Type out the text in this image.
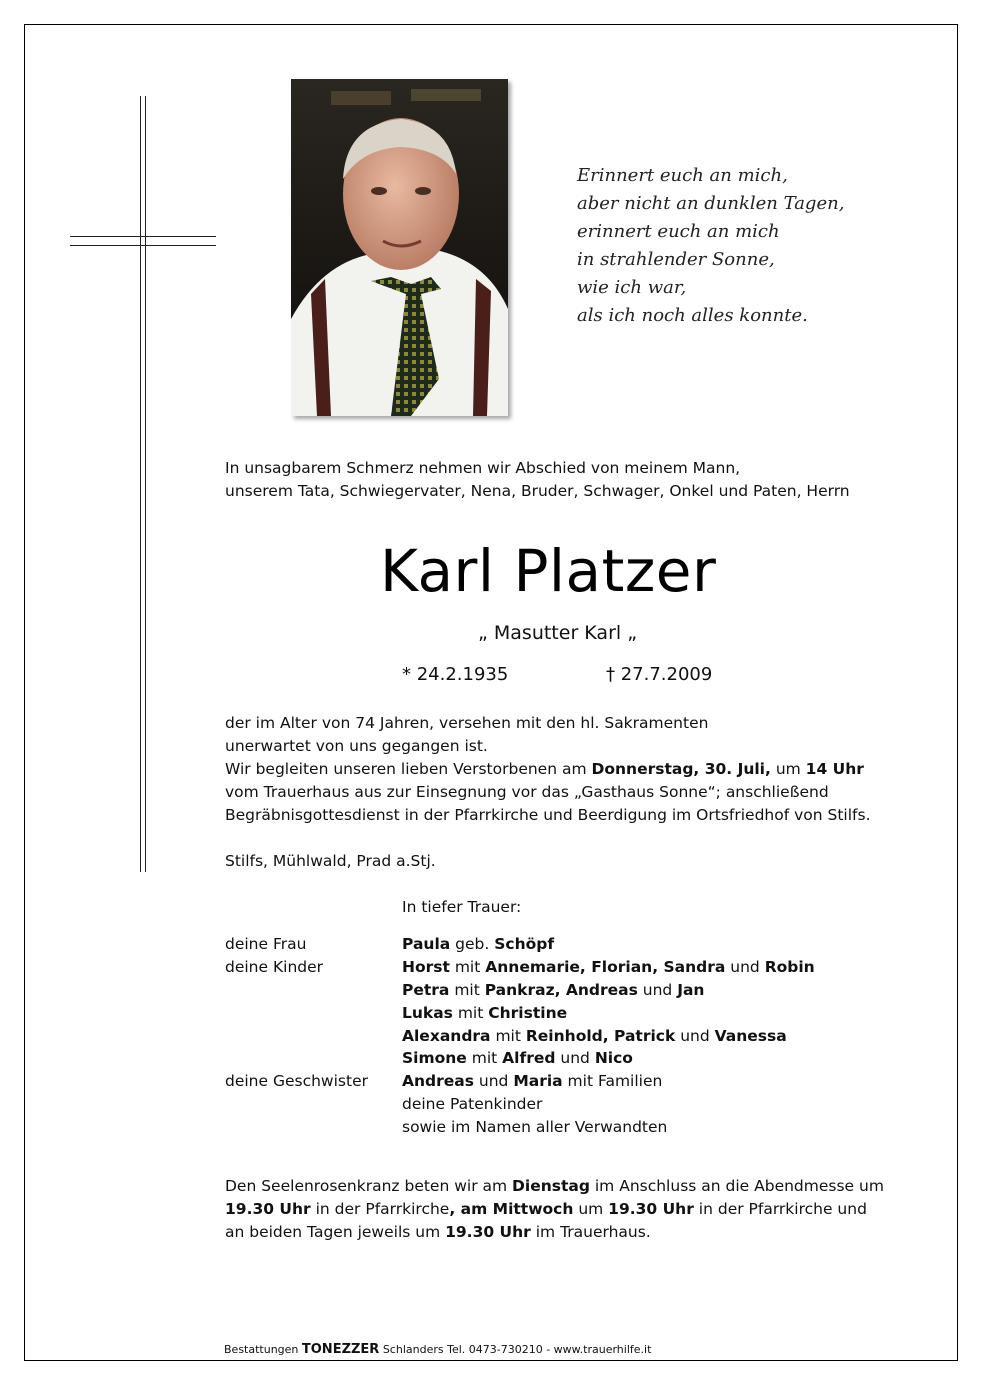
Erinnert euch an mich,
aber nicht an dunklen Tagen,
erinnert euch an mich
in strahlender Sonne,
wie ich war,
als ich noch alles konnte.
In unsagbarem Schmerz nehmen wir Abschied von meinem Mann,
unserem Tata, Schwiegervater, Nena, Bruder, Schwager, Onkel und Paten, Herrn
Karl Platzer
„ Masutter Karl „
* 24.2.1935	† 27.7.2009
der im Alter von 74 Jahren, versehen mit den hl. Sakramenten
unerwartet von uns gegangen ist.
Wir begleiten unseren lieben Verstorbenen am Donnerstag, 30. Juli, um 14 Uhr
vom Trauerhaus aus zur Einsegnung vor das „Gasthaus Sonne“; anschließend
Begräbnisgottesdienst in der Pfarrkirche und Beerdigung im Ortsfriedhof von Stilfs.
Stilfs, Mühlwald, Prad a.Stj.
In tiefer Trauer:
deine Frau	Paula geb. Schöpf
deine Kinder	Horst mit Annemarie, Florian, Sandra und Robin
Petra mit Pankraz, Andreas und Jan
Lukas mit Christine
Alexandra mit Reinhold, Patrick und Vanessa
Simone mit Alfred und Nico
deine Geschwister Andreas und Maria mit Familien
deine Patenkinder
sowie im Namen aller Verwandten
Den Seelenrosenkranz beten wir am Dienstag im Anschluss an die Abendmesse um
19.30 Uhr in der Pfarrkirche, am Mittwoch um 19.30 Uhr in der Pfarrkirche und
an beiden Tagen jeweils um 19.30 Uhr im Trauerhaus.
Bestattungen TONEZZER Schlanders Tel. 0473-730210 - www.trauerhilfe.it
